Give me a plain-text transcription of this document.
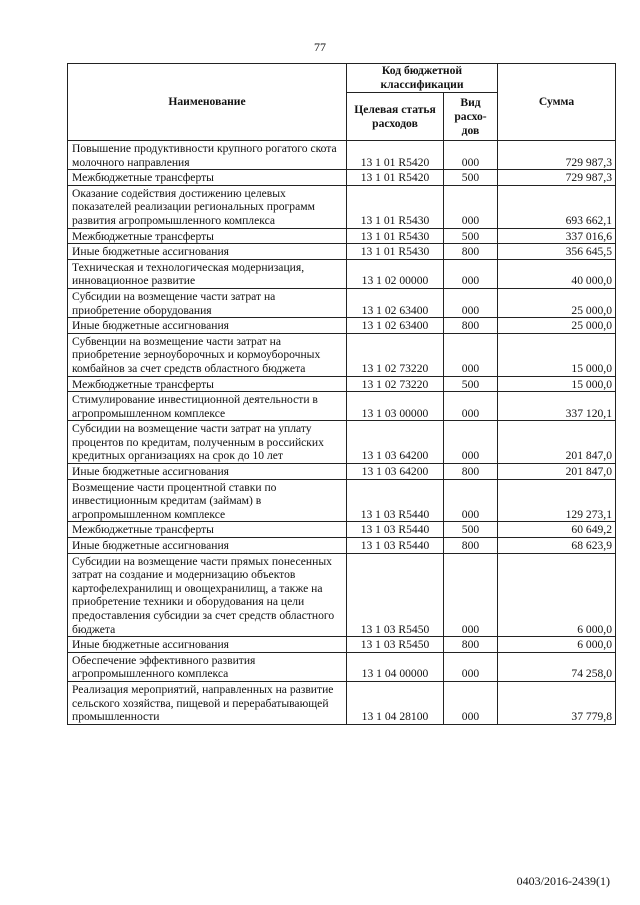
77
Наименование	Код бюджетной классификации		Сумма
	Целевая статья расходов	Вид расхо-дов	
Повышение продуктивности крупного рогатого скота молочного направления	13 1 01 R5420	000	729 987,3
Межбюджетные трансферты	13 1 01 R5420	500	729 987,3
Оказание содействия достижению целевых показателей реализации региональных программ развития агропромышленного комплекса	13 1 01 R5430	000	693 662,1
Межбюджетные трансферты	13 1 01 R5430	500	337 016,6
Иные бюджетные ассигнования	13 1 01 R5430	800	356 645,5
Техническая и технологическая модернизация, инновационное развитие	13 1 02 00000	000	40 000,0
Субсидии на возмещение части затрат на приобретение оборудования	13 1 02 63400	000	25 000,0
Иные бюджетные ассигнования	13 1 02 63400	800	25 000,0
Субвенции на возмещение части затрат на приобретение зерноуборочных и кормоуборочных комбайнов за счет средств областного бюджета	13 1 02 73220	000	15 000,0
Межбюджетные трансферты	13 1 02 73220	500	15 000,0
Стимулирование инвестиционной деятельности в агропромышленном комплексе	13 1 03 00000	000	337 120,1
Субсидии на возмещение части затрат на уплату процентов по кредитам, полученным в российских кредитных организациях на срок до 10 лет	13 1 03 64200	000	201 847,0
Иные бюджетные ассигнования	13 1 03 64200	800	201 847,0
Возмещение части процентной ставки по инвестиционным кредитам (займам) в агропромышленном комплексе	13 1 03 R5440	000	129 273,1
Межбюджетные трансферты	13 1 03 R5440	500	60 649,2
Иные бюджетные ассигнования	13 1 03 R5440	800	68 623,9
Субсидии на возмещение части прямых понесенных затрат на создание и модернизацию объектов картофелехранилищ и овощехранилищ, а также на приобретение техники и оборудования на цели предоставления субсидии за счет средств областного бюджета	13 1 03 R5450	000	6 000,0
Иные бюджетные ассигнования	13 1 03 R5450	800	6 000,0
Обеспечение эффективного развития агропромышленного комплекса	13 1 04 00000	000	74 258,0
Реализация мероприятий, направленных на развитие сельского хозяйства, пищевой и перерабатывающей промышленности	13 1 04 28100	000	37 779,8
0403/2016-2439(1)
